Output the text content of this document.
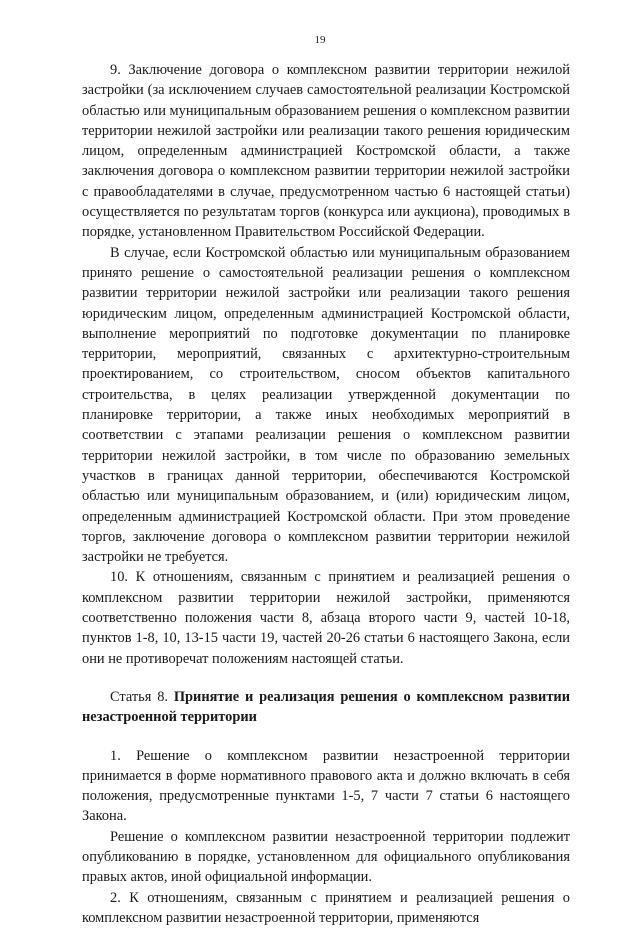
19

9. Заключение договора о комплексном развитии территории нежилой застройки (за исключением случаев самостоятельной реализации Костромской областью или муниципальным образованием решения о комплексном развитии территории нежилой застройки или реализации такого решения юридическим лицом, определенным администрацией Костромской области, а также заключения договора о комплексном развитии территории нежилой застройки с правообладателями в случае, предусмотренном частью 6 настоящей статьи) осуществляется по результатам торгов (конкурса или аукциона), проводимых в порядке, установленном Правительством Российской Федерации.

В случае, если Костромской областью или муниципальным образованием принято решение о самостоятельной реализации решения о комплексном развитии территории нежилой застройки или реализации такого решения юридическим лицом, определенным администрацией Костромской области, выполнение мероприятий по подготовке документации по планировке территории, мероприятий, связанных с архитектурно-строительным проектированием, со строительством, сносом объектов капитального строительства, в целях реализации утвержденной документации по планировке территории, а также иных необходимых мероприятий в соответствии с этапами реализации решения о комплексном развитии территории нежилой застройки, в том числе по образованию земельных участков в границах данной территории, обеспечиваются Костромской областью или муниципальным образованием, и (или) юридическим лицом, определенным администрацией Костромской области. При этом проведение торгов, заключение договора о комплексном развитии территории нежилой застройки не требуется.

10. К отношениям, связанным с принятием и реализацией решения о комплексном развитии территории нежилой застройки, применяются соответственно положения части 8, абзаца второго части 9, частей 10-18, пунктов 1-8, 10, 13-15 части 19, частей 20-26 статьи 6 настоящего Закона, если они не противоречат положениям настоящей статьи.

Статья 8. Принятие и реализация решения о комплексном развитии незастроенной территории

1. Решение о комплексном развитии незастроенной территории принимается в форме нормативного правового акта и должно включать в себя положения, предусмотренные пунктами 1-5, 7 части 7 статьи 6 настоящего Закона.

Решение о комплексном развитии незастроенной территории подлежит опубликованию в порядке, установленном для официального опубликования правых актов, иной официальной информации.

2. К отношениям, связанным с принятием и реализацией решения о комплексном развитии незастроенной территории, применяются
